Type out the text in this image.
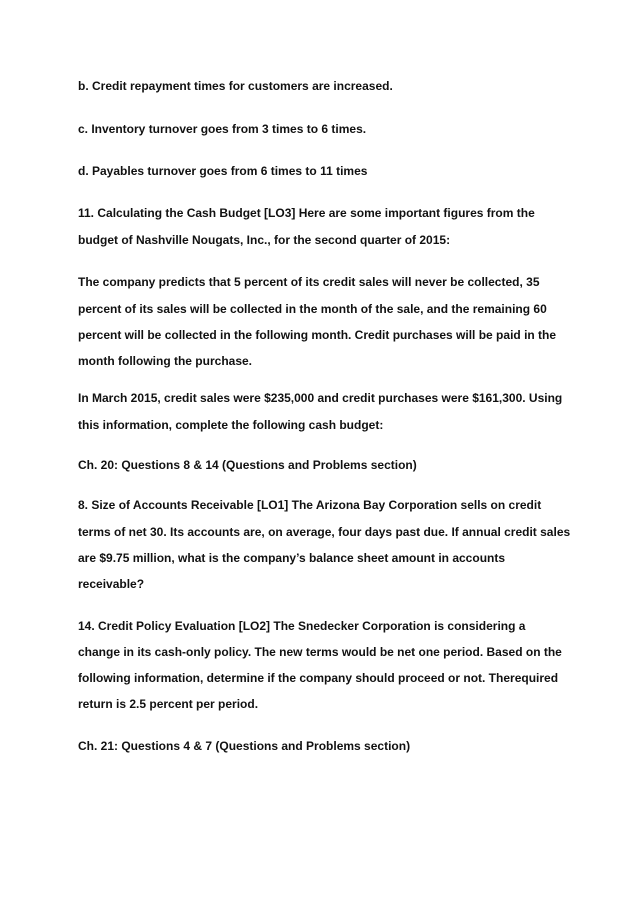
b. Credit repayment times for customers are increased.

c. Inventory turnover goes from 3 times to 6 times.

d. Payables turnover goes from 6 times to 11 times

11. Calculating the Cash Budget [LO3] Here are some important figures from the

budget of Nashville Nougats, Inc., for the second quarter of 2015:

The company predicts that 5 percent of its credit sales will never be collected, 35

percent of its sales will be collected in the month of the sale, and the remaining 60

percent will be collected in the following month. Credit purchases will be paid in the

month following the purchase.

In March 2015, credit sales were $235,000 and credit purchases were $161,300. Using

this information, complete the following cash budget:

Ch. 20: Questions 8 & 14 (Questions and Problems section)

8. Size of Accounts Receivable [LO1] The Arizona Bay Corporation sells on credit

terms of net 30. Its accounts are, on average, four days past due. If annual credit sales

are $9.75 million, what is the company’s balance sheet amount in accounts

receivable?

14. Credit Policy Evaluation [LO2] The Snedecker Corporation is considering a

change in its cash-only policy. The new terms would be net one period. Based on the

following information, determine if the company should proceed or not. Therequired

return is 2.5 percent per period.

Ch. 21: Questions 4 & 7 (Questions and Problems section)
